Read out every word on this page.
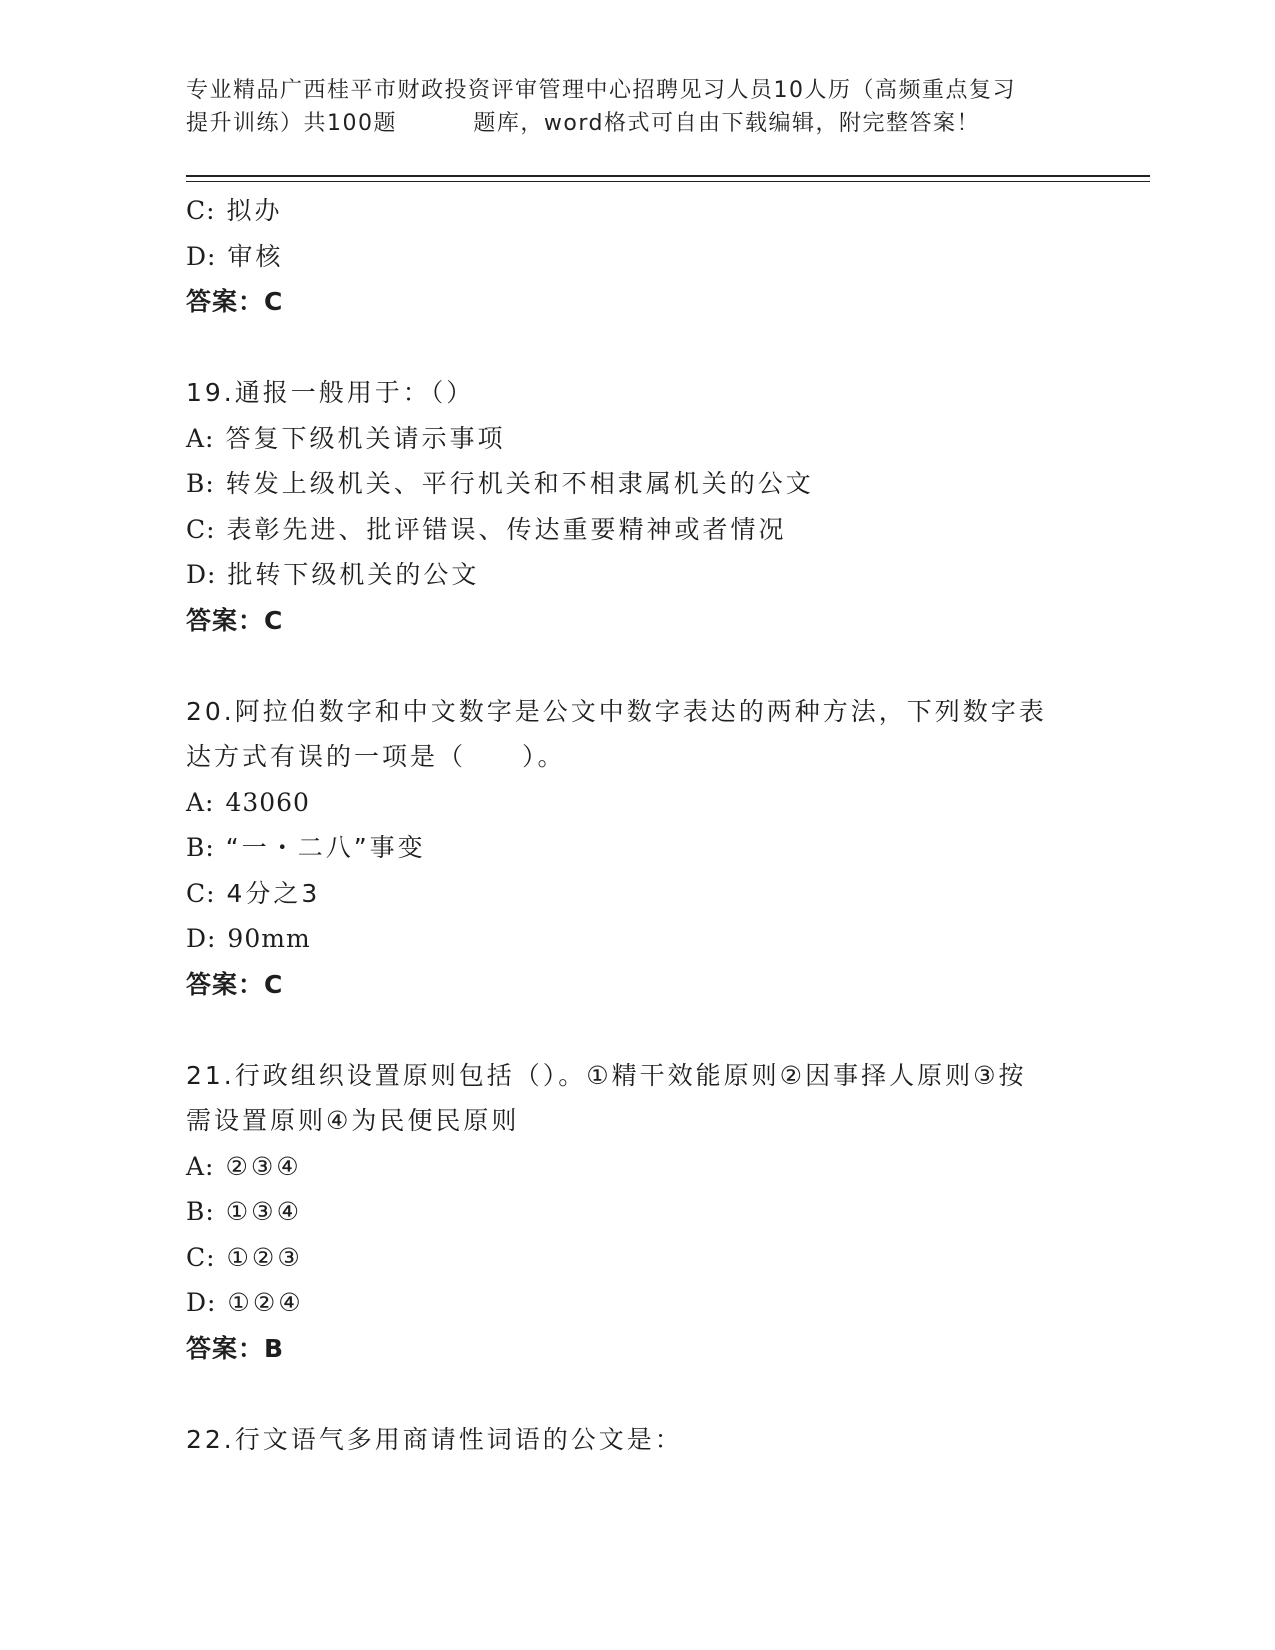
专业精品广西桂平市财政投资评审管理中心招聘见习人员10人历（高频重点复习
提升训练）共100题         题库，word格式可自由下载编辑，附完整答案！
C: 拟办
D: 审核
答案：C
19.通报一般用于：（）
A: 答复下级机关请示事项
B: 转发上级机关、平行机关和不相隶属机关的公文
C: 表彰先进、批评错误、传达重要精神或者情况
D: 批转下级机关的公文
答案：C
20.阿拉伯数字和中文数字是公文中数字表达的两种方法，下列数字表
达方式有误的一项是（　　）。
A: 43060
B: “一・二八”事变
C: 4分之3
D: 90mm
答案：C
21.行政组织设置原则包括（）。①精干效能原则②因事择人原则③按
需设置原则④为民便民原则
A: ②③④
B: ①③④
C: ①②③
D: ①②④
答案：B
22.行文语气多用商请性词语的公文是：
